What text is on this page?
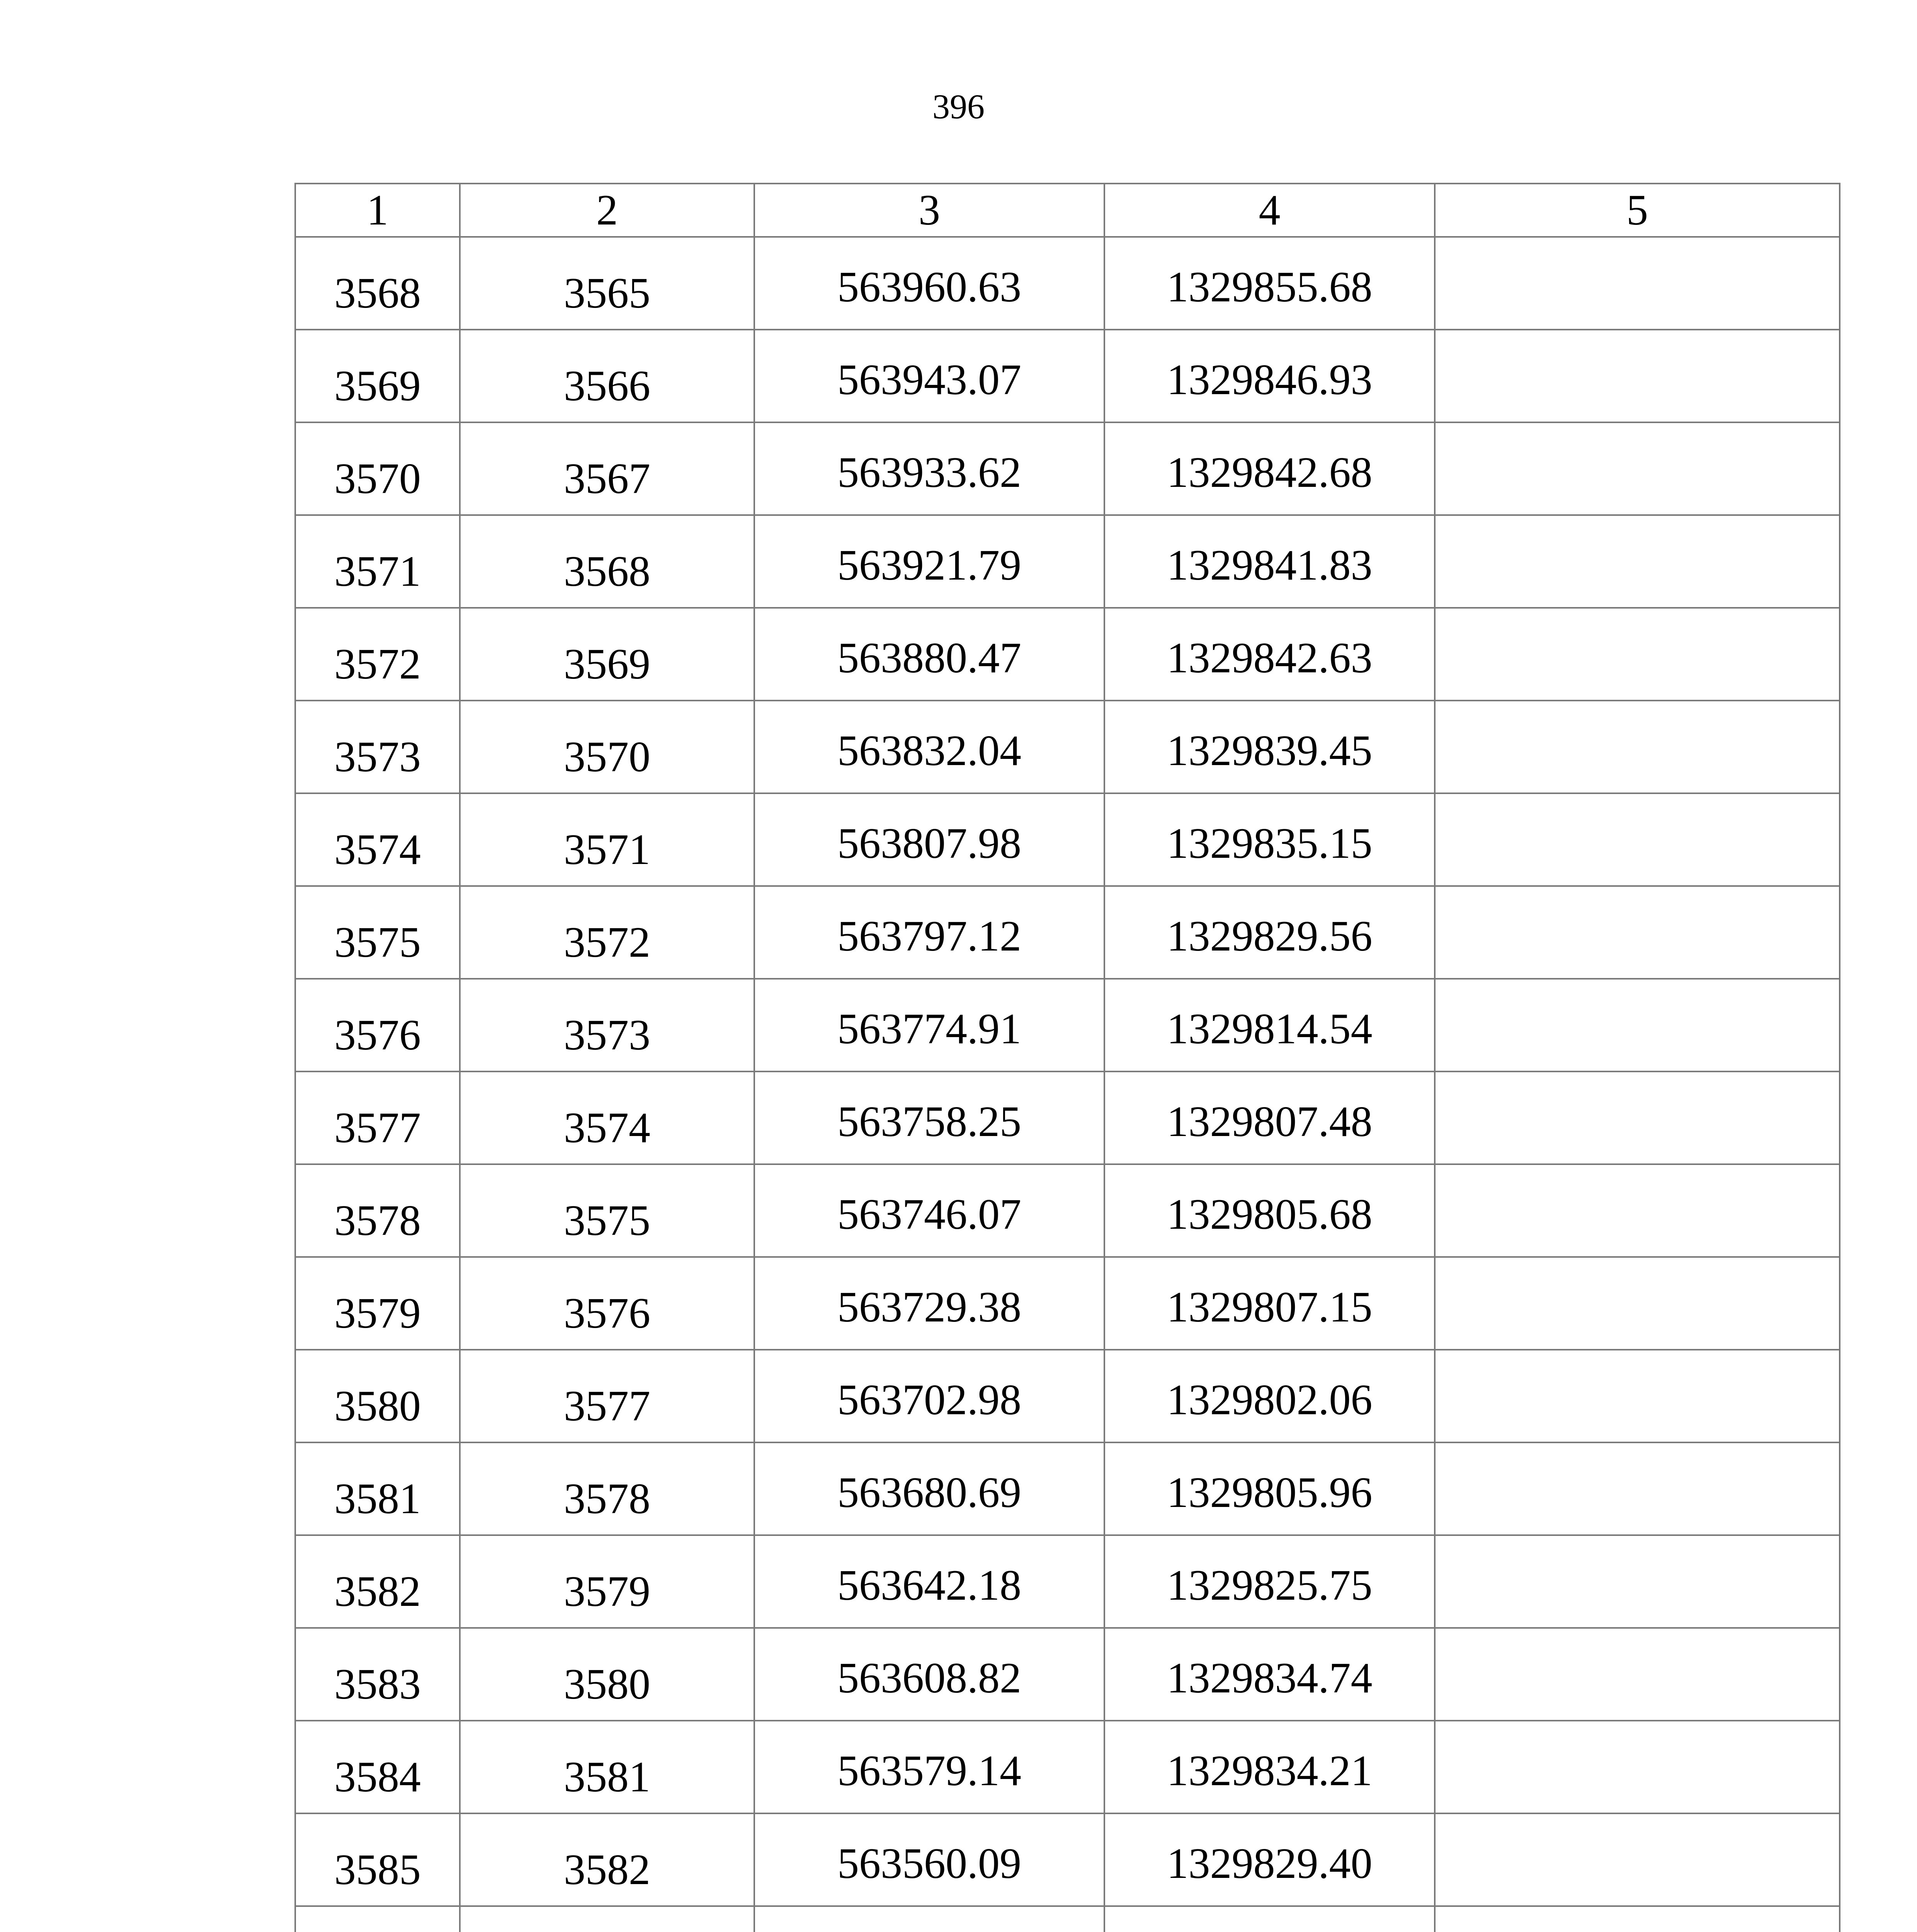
396
1	2	3	4	5
3568	3565	563960.63	1329855.68	
3569	3566	563943.07	1329846.93	
3570	3567	563933.62	1329842.68	
3571	3568	563921.79	1329841.83	
3572	3569	563880.47	1329842.63	
3573	3570	563832.04	1329839.45	
3574	3571	563807.98	1329835.15	
3575	3572	563797.12	1329829.56	
3576	3573	563774.91	1329814.54	
3577	3574	563758.25	1329807.48	
3578	3575	563746.07	1329805.68	
3579	3576	563729.38	1329807.15	
3580	3577	563702.98	1329802.06	
3581	3578	563680.69	1329805.96	
3582	3579	563642.18	1329825.75	
3583	3580	563608.82	1329834.74	
3584	3581	563579.14	1329834.21	
3585	3582	563560.09	1329829.40	
